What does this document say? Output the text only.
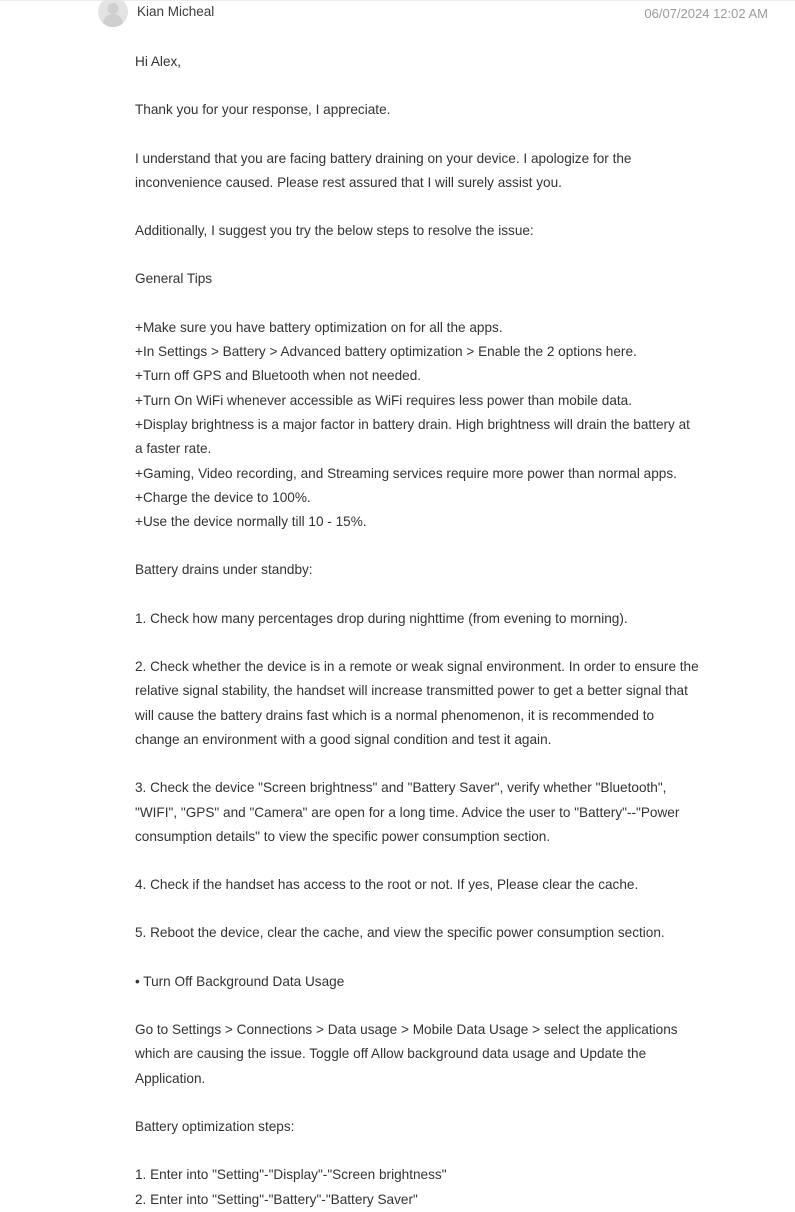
Kian Micheal	06/07/2024 12:02 AM

Hi Alex,

Thank you for your response, I appreciate.

I understand that you are facing battery draining on your device. I apologize for the inconvenience caused. Please rest assured that I will surely assist you.

Additionally, I suggest you try the below steps to resolve the issue:

General Tips

+Make sure you have battery optimization on for all the apps.

+In Settings > Battery > Advanced battery optimization > Enable the 2 options here.

+Turn off GPS and Bluetooth when not needed.

+Turn On WiFi whenever accessible as WiFi requires less power than mobile data.

+Display brightness is a major factor in battery drain. High brightness will drain the battery at a faster rate.

+Gaming, Video recording, and Streaming services require more power than normal apps.

+Charge the device to 100%.

+Use the device normally till 10 - 15%.

Battery drains under standby:

1. Check how many percentages drop during nighttime (from evening to morning).

2. Check whether the device is in a remote or weak signal environment. In order to ensure the relative signal stability, the handset will increase transmitted power to get a better signal that will cause the battery drains fast which is a normal phenomenon, it is recommended to change an environment with a good signal condition and test it again.

3. Check the device "Screen brightness" and "Battery Saver", verify whether "Bluetooth", "WIFI", "GPS" and "Camera" are open for a long time. Advice the user to "Battery"--"Power consumption details" to view the specific power consumption section.

4. Check if the handset has access to the root or not. If yes, Please clear the cache.

5. Reboot the device, clear the cache, and view the specific power consumption section.

• Turn Off Background Data Usage

Go to Settings > Connections > Data usage > Mobile Data Usage > select the applications which are causing the issue. Toggle off Allow background data usage and Update the Application.

Battery optimization steps:

1. Enter into "Setting"-"Display"-"Screen brightness"

2. Enter into "Setting"-"Battery"-"Battery Saver"
